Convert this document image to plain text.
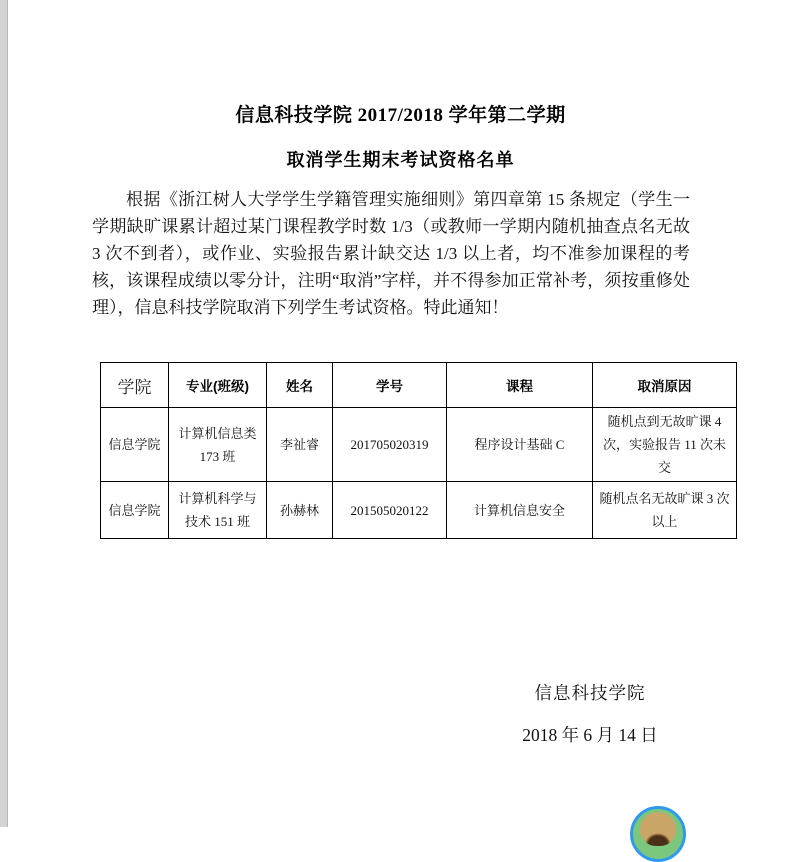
信息科技学院 2017/2018 学年第二学期
取消学生期末考试资格名单
根据《浙江树人大学学生学籍管理实施细则》第四章第 15 条规定（学生一学期缺旷课累计超过某门课程教学时数 1/3（或教师一学期内随机抽查点名无故 3 次不到者），或作业、实验报告累计缺交达 1/3 以上者，均不准参加课程的考核，该课程成绩以零分计，注明“取消”字样，并不得参加正常补考，须按重修处理），信息科技学院取消下列学生考试资格。特此通知！
学院	专业(班级)	姓名	学号	课程	取消原因
信息学院	计算机信息类 173 班	李祉睿	201705020319	程序设计基础 C	随机点到无故旷课 4 次，实验报告 11 次未交
信息学院	计算机科学与技术 151 班	孙赫林	201505020122	计算机信息安全	随机点名无故旷课 3 次以上
信息科技学院
2018 年 6 月 14 日
